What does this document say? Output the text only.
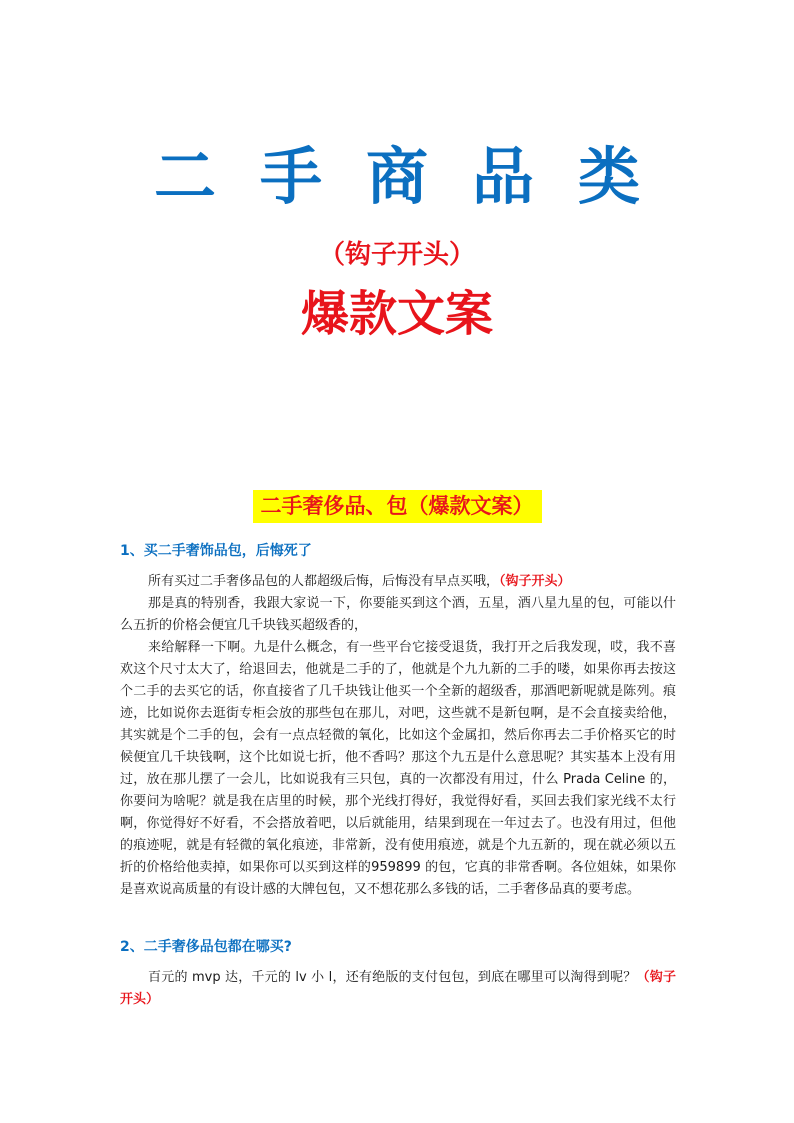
二手商品类
（钩子开头）
爆款文案
二手奢侈品、包（爆款文案）

1、买二手奢饰品包，后悔死了

所有买过二手奢侈品包的人都超级后悔，后悔没有早点买哦，（钩子开头）

那是真的特别香，我跟大家说一下，你要能买到这个酒，五星，酒八星九星的包，可能以什么五折的价格会便宜几千块钱买超级香的，

来给解释一下啊。九是什么概念，有一些平台它接受退货，我打开之后我发现，哎，我不喜欢这个尺寸太大了，给退回去，他就是二手的了，他就是个九九新的二手的喽，如果你再去按这个二手的去买它的话，你直接省了几千块钱让他买一个全新的超级香，那酒吧新呢就是陈列。痕迹，比如说你去逛街专柜会放的那些包在那儿，对吧，这些就不是新包啊，是不会直接卖给他，其实就是个二手的包，会有一点点轻微的氧化，比如这个金属扣，然后你再去二手价格买它的时候便宜几千块钱啊，这个比如说七折，他不香吗？那这个九五是什么意思呢？其实基本上没有用过，放在那儿摆了一会儿，比如说我有三只包，真的一次都没有用过，什么 Prada Celine 的，你要问为啥呢？就是我在店里的时候，那个光线打得好，我觉得好看，买回去我们家光线不太行啊，你觉得好不好看，不会搭放着吧，以后就能用，结果到现在一年过去了。也没有用过，但他的痕迹呢，就是有轻微的氧化痕迹，非常新，没有使用痕迹，就是个九五新的，现在就必须以五折的价格给他卖掉，如果你可以买到这样的959899 的包，它真的非常香啊。各位姐妹，如果你是喜欢说高质量的有设计感的大牌包包，又不想花那么多钱的话，二手奢侈品真的要考虑。

2、二手奢侈品包都在哪买?

百元的 mvp 达，千元的 lv 小 l，还有绝版的支付包包，到底在哪里可以淘得到呢？（钩子开头）
